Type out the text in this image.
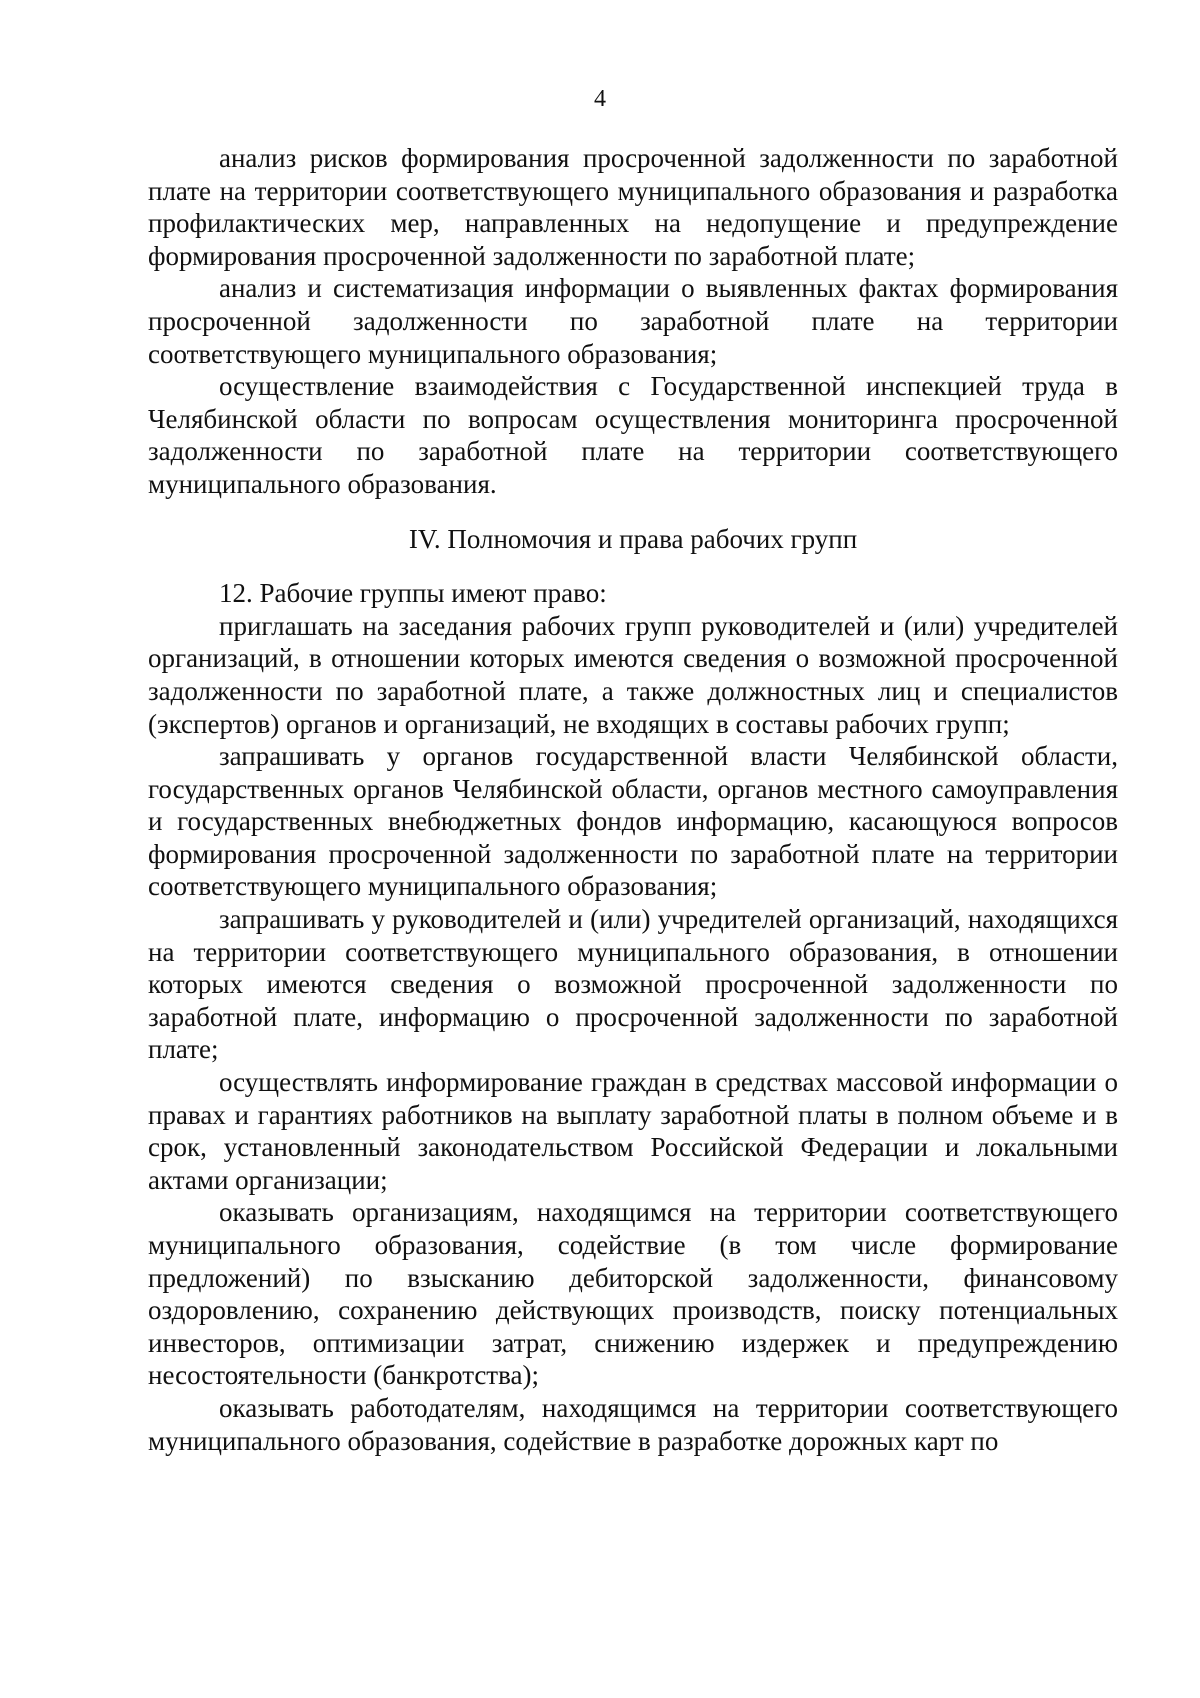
4

анализ рисков формирования просроченной задолженности по заработной плате на территории соответствующего муниципального образования и разработка профилактических мер, направленных на недопущение и предупреждение формирования просроченной задолженности по заработной плате;

анализ и систематизация информации о выявленных фактах формирования просроченной задолженности по заработной плате на территории соответствующего муниципального образования;

осуществление взаимодействия с Государственной инспекцией труда в Челябинской области по вопросам осуществления мониторинга просроченной задолженности по заработной плате на территории соответствующего муниципального образования.

IV. Полномочия и права рабочих групп

12. Рабочие группы имеют право:

приглашать на заседания рабочих групп руководителей и (или) учредителей организаций, в отношении которых имеются сведения о возможной просроченной задолженности по заработной плате, а также должностных лиц и специалистов (экспертов) органов и организаций, не входящих в составы рабочих групп;

запрашивать у органов государственной власти Челябинской области, государственных органов Челябинской области, органов местного самоуправления и государственных внебюджетных фондов информацию, касающуюся вопросов формирования просроченной задолженности по заработной плате на территории соответствующего муниципального образования;

запрашивать у руководителей и (или) учредителей организаций, находящихся на территории соответствующего муниципального образования, в отношении которых имеются сведения о возможной просроченной задолженности по заработной плате, информацию о просроченной задолженности по заработной плате;

осуществлять информирование граждан в средствах массовой информации о правах и гарантиях работников на выплату заработной платы в полном объеме и в срок, установленный законодательством Российской Федерации и локальными актами организации;

оказывать организациям, находящимся на территории соответствующего муниципального образования, содействие (в том числе формирование предложений) по взысканию дебиторской задолженности, финансовому оздоровлению, сохранению действующих производств, поиску потенциальных инвесторов, оптимизации затрат, снижению издержек и предупреждению несостоятельности (банкротства);

оказывать работодателям, находящимся на территории соответствующего муниципального образования, содействие в разработке дорожных карт по
